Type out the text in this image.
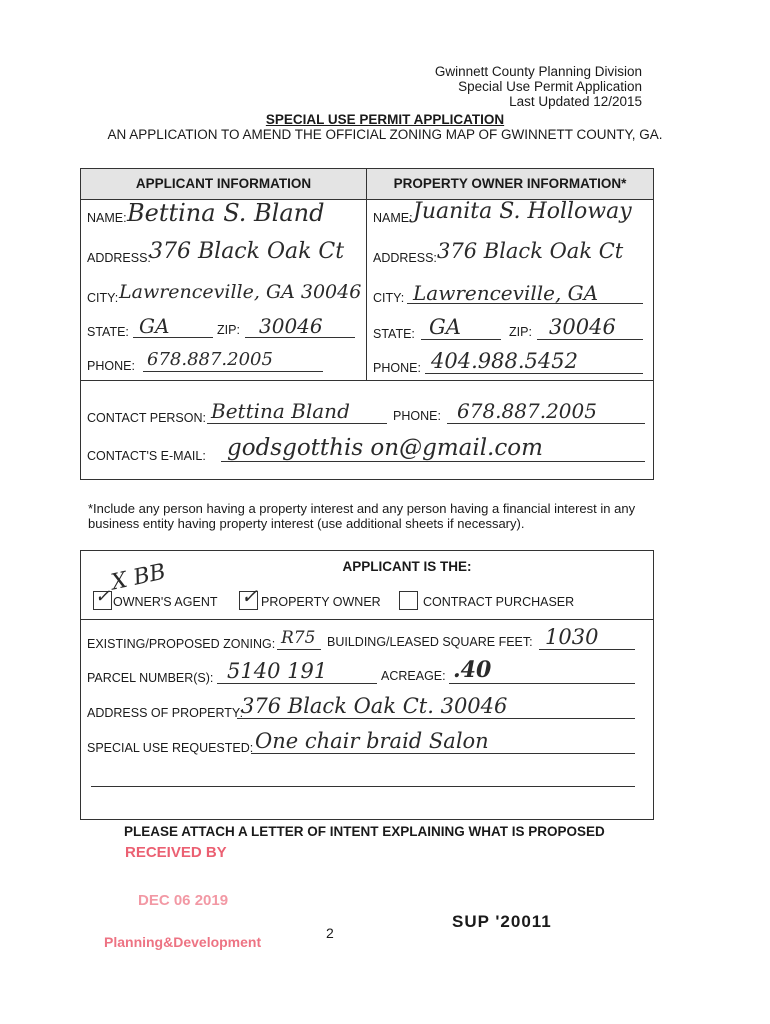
Gwinnett County Planning Division
Special Use Permit Application
Last Updated 12/2015
SPECIAL USE PERMIT APPLICATION
AN APPLICATION TO AMEND THE OFFICIAL ZONING MAP OF GWINNETT COUNTY, GA.
APPLICANT INFORMATION	PROPERTY OWNER INFORMATION*
NAME: Bettina S. Bland
ADDRESS:
376 Black Oak Ct
CITY: Lawrenceville, GA 30046
STATE: GA	ZIP: 30046
PHONE: 678.887.2005
NAME: Juanita S. Holloway
ADDRESS: 376 Black Oak Ct
CITY: Lawrenceville, GA
STATE: GA	ZIP: 30046
PHONE: 404.988.5452
CONTACT PERSON: Bettina Bland	PHONE: 678.887.2005
CONTACT'S E-MAIL: godsgotthis on@gmail.com
*Include any person having a property interest and any person having a financial interest in any business entity having property interest (use additional sheets if necessary).
APPLICANT IS THE:
X BB
✓ OWNER'S AGENT ✓ PROPERTY OWNER	CONTRACT PURCHASER
EXISTING/PROPOSED ZONING: R75 BUILDING/LEASED SQUARE FEET: 1030
PARCEL NUMBER(S): 5140 191	ACREAGE: .40
ADDRESS OF PROPERTY:
376 Black Oak Ct. 30046
SPECIAL USE REQUESTED: One chair braid Salon
PLEASE ATTACH A LETTER OF INTENT EXPLAINING WHAT IS PROPOSED
RECEIVED BY
DEC 06 2019
Planning&Development
2
SUP '20011
